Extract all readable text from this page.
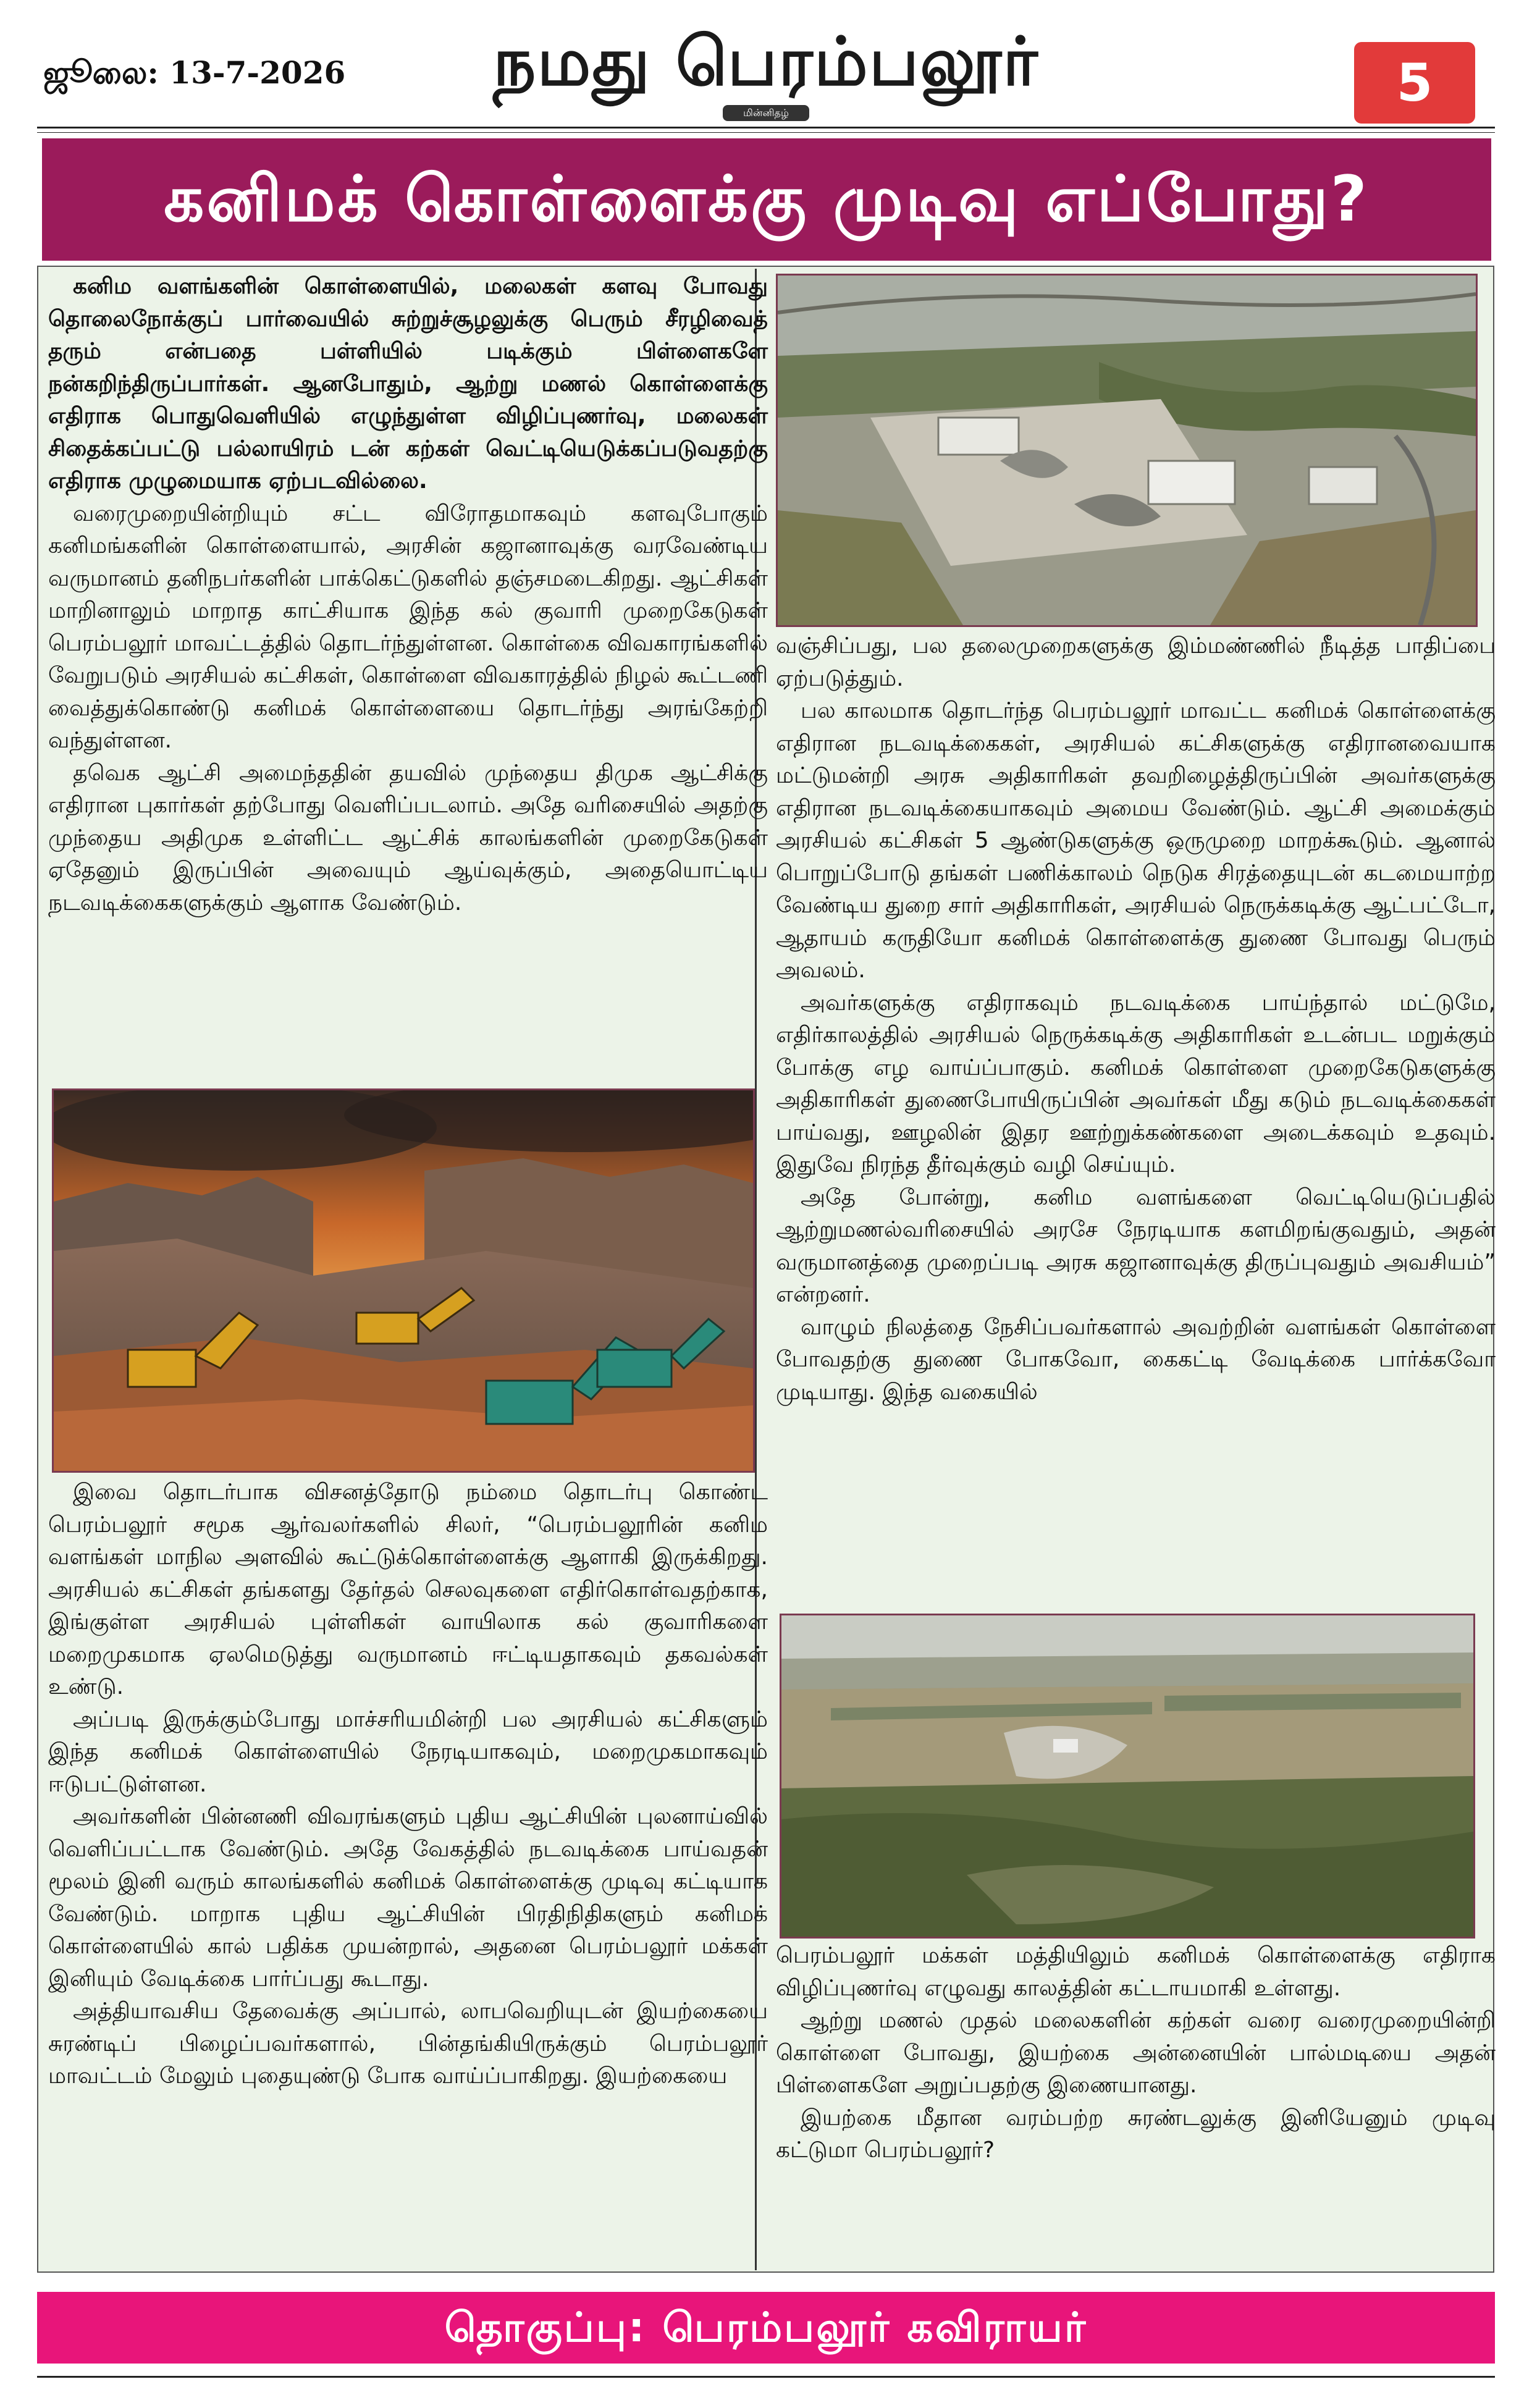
ஜூலை: 13-7-2026 நமது பெரம்பலூர்
மின்னிதழ்	5
கனிமக் கொள்ளைக்கு முடிவு எப்போது?

கனிம வளங்களின் கொள்ளையில், மலைகள் களவு போவது தொலைநோக்குப் பார்வையில் சுற்றுச்சூழலுக்கு பெரும் சீரழிவைத் தரும் என்பதை பள்ளியில் படிக்கும் பிள்ளைகளே நன்கறிந்திருப்பார்கள். ஆனபோதும், ஆற்று மணல் கொள்ளைக்கு எதிராக பொதுவெளியில் எழுந்துள்ள விழிப்புணர்வு, மலைகள் சிதைக்கப்பட்டு பல்லாயிரம் டன் கற்கள் வெட்டியெடுக்கப்படுவதற்கு எதிராக முழுமையாக ஏற்படவில்லை.

வரைமுறையின்றியும் சட்ட விரோதமாகவும் களவுபோகும் கனிமங்களின் கொள்ளையால், அரசின் கஜானாவுக்கு வரவேண்டிய வருமானம் தனிநபர்களின் பாக்கெட்டுகளில் தஞ்சமடைகிறது. ஆட்சிகள் மாறினாலும் மாறாத காட்சியாக இந்த கல் குவாரி முறைகேடுகள் பெரம்பலூர் மாவட்டத்தில் தொடர்ந்துள்ளன. கொள்கை விவகாரங்களில் வேறுபடும் அரசியல் கட்சிகள், கொள்ளை விவகாரத்தில் நிழல் கூட்டணி வைத்துக்கொண்டு கனிமக் கொள்ளையை தொடர்ந்து அரங்கேற்றி வந்துள்ளன.

தவெக ஆட்சி அமைந்ததின் தயவில் முந்தைய திமுக ஆட்சிக்கு எதிரான புகார்கள் தற்போது வெளிப்படலாம். அதே வரிசையில் அதற்கு முந்தைய அதிமுக உள்ளிட்ட ஆட்சிக் காலங்களின் முறைகேடுகள் ஏதேனும் இருப்பின் அவையும் ஆய்வுக்கும், அதையொட்டிய நடவடிக்கைகளுக்கும் ஆளாக வேண்டும்.

இவை தொடர்பாக விசனத்தோடு நம்மை தொடர்பு கொண்ட பெரம்பலூர் சமூக ஆர்வலர்களில் சிலர், “பெரம்பலூரின் கனிம வளங்கள் மாநில அளவில் கூட்டுக்கொள்ளைக்கு ஆளாகி இருக்கிறது. அரசியல் கட்சிகள் தங்களது தேர்தல் செலவுகளை எதிர்கொள்வதற்காக, இங்குள்ள அரசியல் புள்ளிகள் வாயிலாக கல் குவாரிகளை மறைமுகமாக ஏலமெடுத்து வருமானம் ஈட்டியதாகவும் தகவல்கள் உண்டு.

அப்படி இருக்கும்போது மாச்சரியமின்றி பல அரசியல் கட்சிகளும் இந்த கனிமக் கொள்ளையில் நேரடியாகவும், மறைமுகமாகவும் ஈடுபட்டுள்ளன.

அவர்களின் பின்னணி விவரங்களும் புதிய ஆட்சியின் புலனாய்வில் வெளிப்பட்டாக வேண்டும். அதே வேகத்தில் நடவடிக்கை பாய்வதன் மூலம் இனி வரும் காலங்களில் கனிமக் கொள்ளைக்கு முடிவு கட்டியாக வேண்டும். மாறாக புதிய ஆட்சியின் பிரதிநிதிகளும் கனிமக் கொள்ளையில் கால் பதிக்க முயன்றால், அதனை பெரம்பலூர் மக்கள் இனியும் வேடிக்கை பார்ப்பது கூடாது.

அத்தியாவசிய தேவைக்கு அப்பால், லாபவெறியுடன் இயற்கையை சுரண்டிப் பிழைப்பவர்களால், பின்தங்கியிருக்கும் பெரம்பலூர் மாவட்டம் மேலும் புதையுண்டு போக வாய்ப்பாகிறது. இயற்கையை

வஞ்சிப்பது, பல தலைமுறைகளுக்கு இம்மண்ணில் நீடித்த பாதிப்பை ஏற்படுத்தும்.

பல காலமாக தொடர்ந்த பெரம்பலூர் மாவட்ட கனிமக் கொள்ளைக்கு எதிரான நடவடிக்கைகள், அரசியல் கட்சிகளுக்கு எதிரானவையாக மட்டுமன்றி அரசு அதிகாரிகள் தவறிழைத்திருப்பின் அவர்களுக்கு எதிரான நடவடிக்கையாகவும் அமைய வேண்டும். ஆட்சி அமைக்கும் அரசியல் கட்சிகள் 5 ஆண்டுகளுக்கு ஒருமுறை மாறக்கூடும். ஆனால் பொறுப்போடு தங்கள் பணிக்காலம் நெடுக சிரத்தையுடன் கடமையாற்ற வேண்டிய துறை சார் அதிகாரிகள், அரசியல் நெருக்கடிக்கு ஆட்பட்டோ, ஆதாயம் கருதியோ கனிமக் கொள்ளைக்கு துணை போவது பெரும் அவலம்.

அவர்களுக்கு எதிராகவும் நடவடிக்கை பாய்ந்தால் மட்டுமே, எதிர்காலத்தில் அரசியல் நெருக்கடிக்கு அதிகாரிகள் உடன்பட மறுக்கும் போக்கு எழ வாய்ப்பாகும். கனிமக் கொள்ளை முறைகேடுகளுக்கு அதிகாரிகள் துணைபோயிருப்பின் அவர்கள் மீது கடும் நடவடிக்கைகள் பாய்வது, ஊழலின் இதர ஊற்றுக்கண்களை அடைக்கவும் உதவும். இதுவே நிரந்த தீர்வுக்கும் வழி செய்யும்.

அதே போன்று, கனிம வளங்களை வெட்டியெடுப்பதில் ஆற்றுமணல்வரிசையில் அரசே நேரடியாக களமிறங்குவதும், அதன் வருமானத்தை முறைப்படி அரசு கஜானாவுக்கு திருப்புவதும் அவசியம்” என்றனர்.

வாழும் நிலத்தை நேசிப்பவர்களால் அவற்றின் வளங்கள் கொள்ளை போவதற்கு துணை போகவோ, கைகட்டி வேடிக்கை பார்க்கவோ முடியாது. இந்த வகையில்

பெரம்பலூர் மக்கள் மத்தியிலும் கனிமக் கொள்ளைக்கு எதிராக விழிப்புணர்வு எழுவது காலத்தின் கட்டாயமாகி உள்ளது.

ஆற்று மணல் முதல் மலைகளின் கற்கள் வரை வரைமுறையின்றி கொள்ளை போவது, இயற்கை அன்னையின் பால்மடியை அதன் பிள்ளைகளே அறுப்பதற்கு இணையானது.

இயற்கை மீதான வரம்பற்ற சுரண்டலுக்கு இனியேனும் முடிவு கட்டுமா பெரம்பலூர்?

தொகுப்பு: பெரம்பலூர் கவிராயர்
